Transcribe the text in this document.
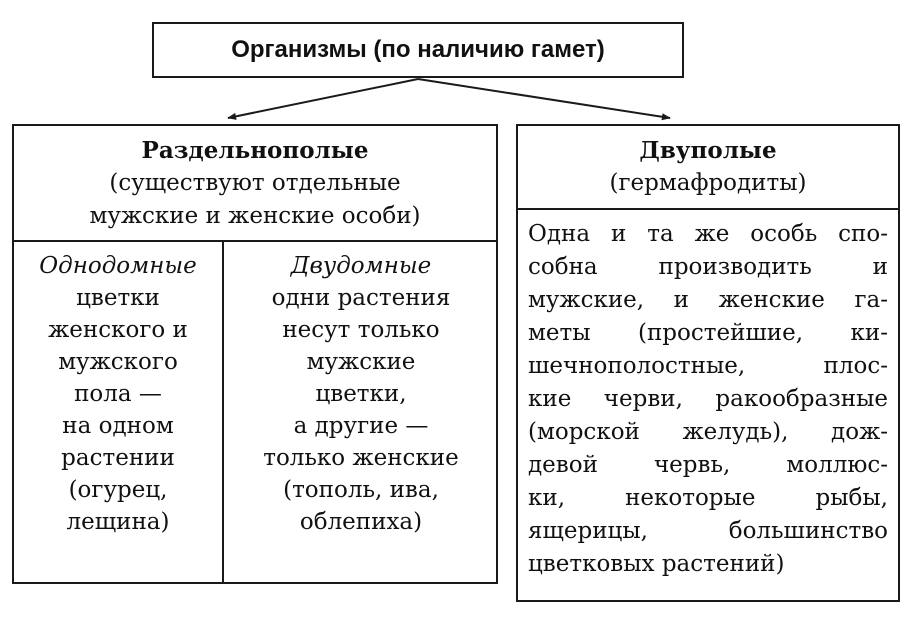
Организмы (по наличию гамет)
Раздельнополые
(существуют отдельные
мужские и женские особи)
Однодомные
цветки
женского и
мужского
пола —
на одном
растении
(огурец,
лещина)
Двудомные
одни растения
несут только
мужские
цветки,
а другие —
только женские
(тополь, ива,
облепиха)
Двуполые
(гермафродиты)
Одна и та же особь спо-
собна производить и
мужские, и женские га-
меты (простейшие, ки-
шечнополостные, плос-
кие черви, ракообразные
(морской желудь), дож-
девой червь, моллюс-
ки, некоторые рыбы,
ящерицы, большинство
цветковых растений)
